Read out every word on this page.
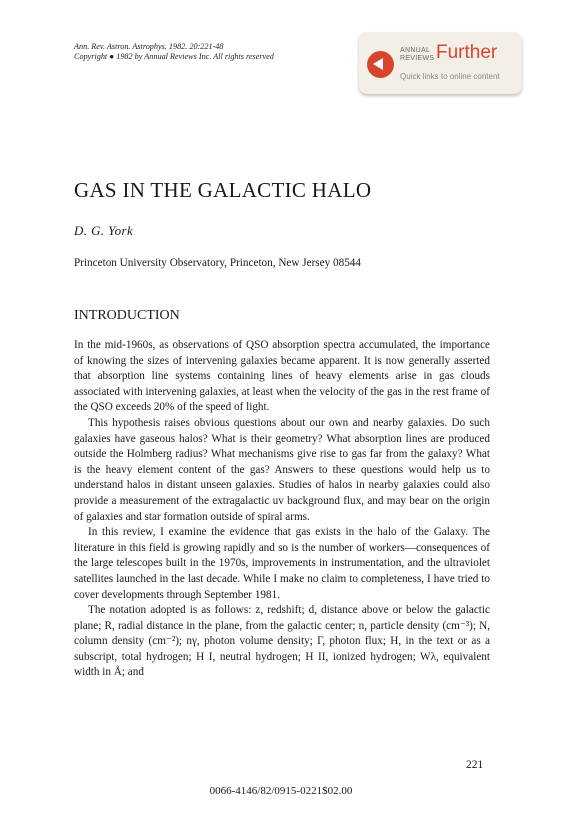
Ann. Rev. Astron. Astrophys. 1982. 20:221-48
Copyright ● 1982 by Annual Reviews Inc. All rights reserved
ANNUAL
REVIEWS Further
Quick links to online content
GAS IN THE GALACTIC HALO
D. G. York
Princeton University Observatory, Princeton, New Jersey 08544
INTRODUCTION

In the mid-1960s, as observations of QSO absorption spectra accumulated, the importance of knowing the sizes of intervening galaxies became apparent. It is now generally asserted that absorption line systems containing lines of heavy elements arise in gas clouds associated with intervening galaxies, at least when the velocity of the gas in the rest frame of the QSO exceeds 20% of the speed of light.

This hypothesis raises obvious questions about our own and nearby galaxies. Do such galaxies have gaseous halos? What is their geometry? What absorption lines are produced outside the Holmberg radius? What mechanisms give rise to gas far from the galaxy? What is the heavy element content of the gas? Answers to these questions would help us to understand halos in distant unseen galaxies. Studies of halos in nearby galaxies could also provide a measurement of the extragalactic uv background flux, and may bear on the origin of galaxies and star formation outside of spiral arms.

In this review, I examine the evidence that gas exists in the halo of the Galaxy. The literature in this field is growing rapidly and so is the number of workers—consequences of the large telescopes built in the 1970s, improvements in instrumentation, and the ultraviolet satellites launched in the last decade. While I make no claim to completeness, I have tried to cover developments through September 1981.

The notation adopted is as follows: z, redshift; d, distance above or below the galactic plane; R, radial distance in the plane, from the galactic center; n, particle density (cm⁻³); N, column density (cm⁻²); nγ, photon volume density; Γ, photon flux; H, in the text or as a subscript, total hydrogen; H I, neutral hydrogen; H II, ionized hydrogen; Wλ, equivalent width in Å; and

221
0066-4146/82/0915-0221$02.00
